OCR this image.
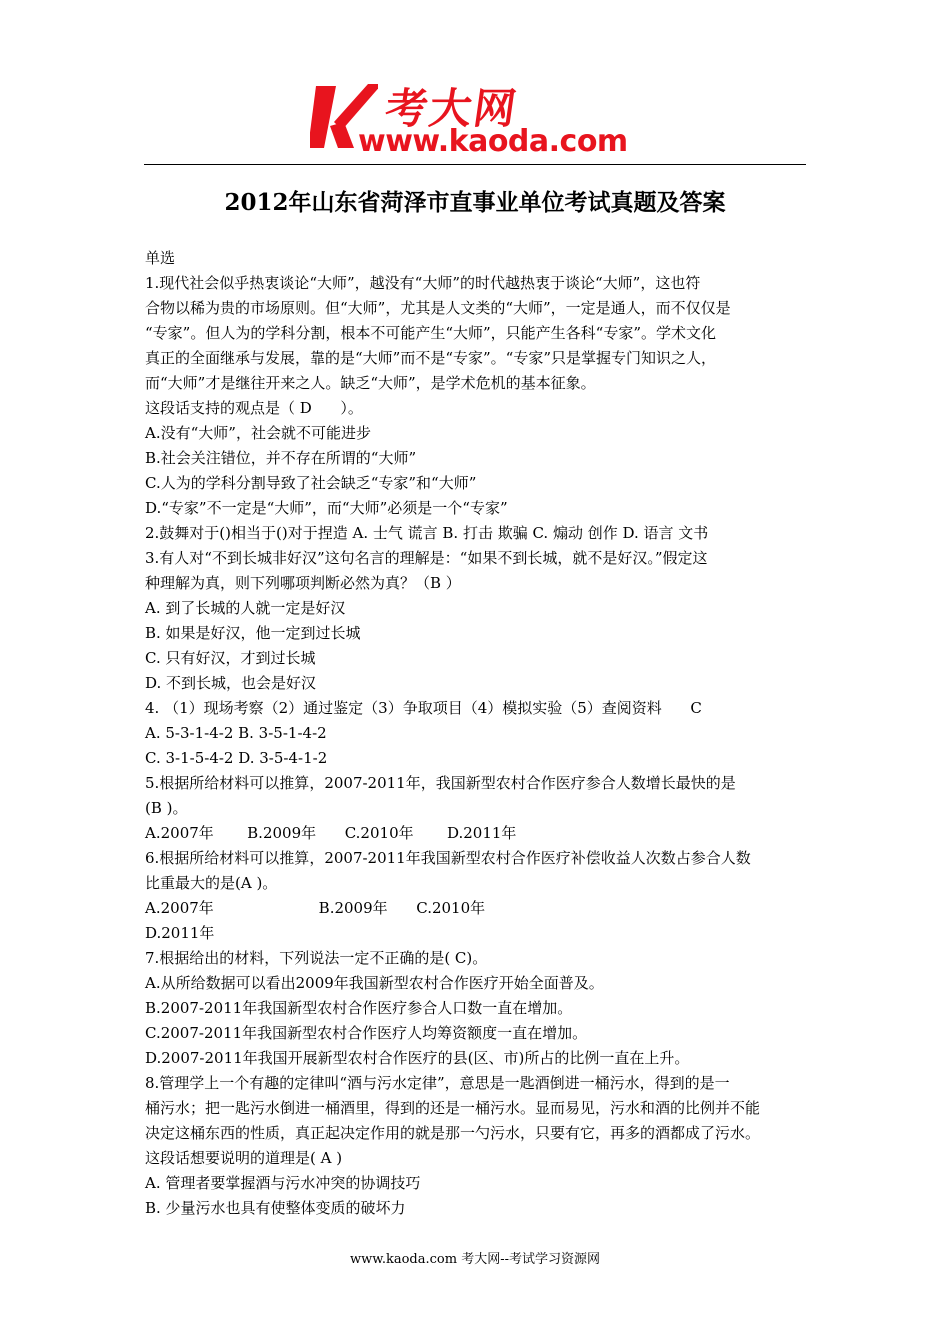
考大网
www.kaoda.com
2012年山东省菏泽市直事业单位考试真题及答案

单选

1.现代社会似乎热衷谈论“大师”，越没有“大师”的时代越热衷于谈论“大师”，这也符

合物以稀为贵的市场原则。但“大师”，尤其是人文类的“大师”，一定是通人，而不仅仅是

“专家”。但人为的学科分割，根本不可能产生“大师”，只能产生各科“专家”。学术文化

真正的全面继承与发展，靠的是“大师”而不是“专家”。“专家”只是掌握专门知识之人，

而“大师”才是继往开来之人。缺乏“大师”，是学术危机的基本征象。

这段话支持的观点是（ D      ）。

A.没有“大师”，社会就不可能进步

B.社会关注错位，并不存在所谓的“大师”

C.人为的学科分割导致了社会缺乏“专家”和“大师”

D.“专家”不一定是“大师”，而“大师”必须是一个“专家”

2.鼓舞对于()相当于()对于捏造 A. 士气 谎言 B. 打击 欺骗 C. 煽动 创作 D. 语言 文书

3.有人对“不到长城非好汉”这句名言的理解是：“如果不到长城，就不是好汉。”假定这

种理解为真，则下列哪项判断必然为真？（B ）

A. 到了长城的人就一定是好汉

B. 如果是好汉，他一定到过长城

C. 只有好汉，才到过长城

D. 不到长城，也会是好汉

4. （1）现场考察（2）通过鉴定（3）争取项目（4）模拟实验（5）查阅资料      C

A. 5-3-1-4-2 B. 3-5-1-4-2

C. 3-1-5-4-2 D. 3-5-4-1-2

5.根据所给材料可以推算，2007-2011年，我国新型农村合作医疗参合人数增长最快的是

(B )。

A.2007年       B.2009年      C.2010年       D.2011年

6.根据所给材料可以推算，2007-2011年我国新型农村合作医疗补偿收益人次数占参合人数

比重最大的是(A )。

A.2007年                      B.2009年      C.2010年

D.2011年

7.根据给出的材料，下列说法一定不正确的是( C)。

A.从所给数据可以看出2009年我国新型农村合作医疗开始全面普及。

B.2007-2011年我国新型农村合作医疗参合人口数一直在增加。

C.2007-2011年我国新型农村合作医疗人均筹资额度一直在增加。

D.2007-2011年我国开展新型农村合作医疗的县(区、市)所占的比例一直在上升。

8.管理学上一个有趣的定律叫“酒与污水定律”，意思是一匙酒倒进一桶污水，得到的是一

桶污水；把一匙污水倒进一桶酒里，得到的还是一桶污水。显而易见，污水和酒的比例并不能

决定这桶东西的性质，真正起决定作用的就是那一勺污水，只要有它，再多的酒都成了污水。

这段话想要说明的道理是( A )

A. 管理者要掌握酒与污水冲突的协调技巧

B. 少量污水也具有使整体变质的破坏力

www.kaoda.com 考大网--考试学习资源网
